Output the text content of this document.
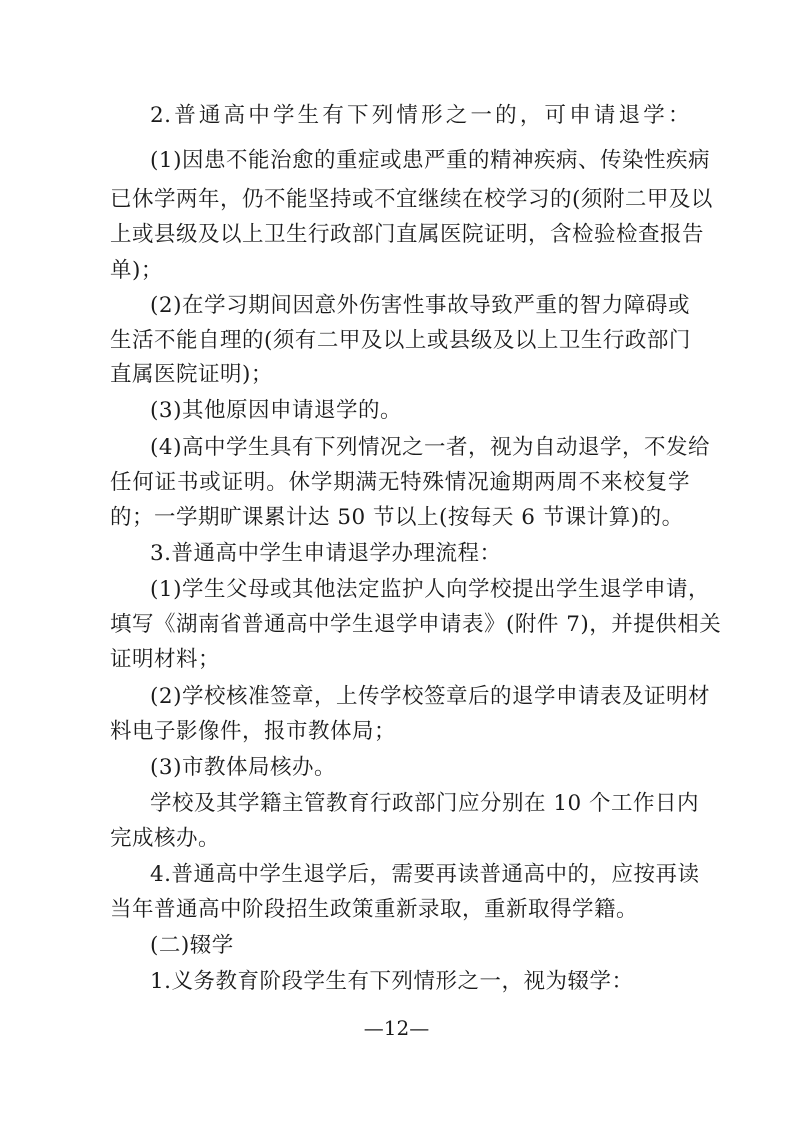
2.普通高中学生有下列情形之一的，可申请退学：
(1)因患不能治愈的重症或患严重的精神疾病、传染性疾病
已休学两年，仍不能坚持或不宜继续在校学习的(须附二甲及以
上或县级及以上卫生行政部门直属医院证明，含检验检查报告
单)；
(2)在学习期间因意外伤害性事故导致严重的智力障碍或
生活不能自理的(须有二甲及以上或县级及以上卫生行政部门
直属医院证明)；
(3)其他原因申请退学的。
(4)高中学生具有下列情况之一者，视为自动退学，不发给
任何证书或证明。休学期满无特殊情况逾期两周不来校复学
的；一学期旷课累计达 50 节以上(按每天 6 节课计算)的。
3.普通高中学生申请退学办理流程：
(1)学生父母或其他法定监护人向学校提出学生退学申请，
填写《湖南省普通高中学生退学申请表》(附件 7)，并提供相关
证明材料；
(2)学校核准签章，上传学校签章后的退学申请表及证明材
料电子影像件，报市教体局；
(3)市教体局核办。
学校及其学籍主管教育行政部门应分别在 10 个工作日内
完成核办。
4.普通高中学生退学后，需要再读普通高中的，应按再读
当年普通高中阶段招生政策重新录取，重新取得学籍。
(二)辍学
1.义务教育阶段学生有下列情形之一，视为辍学：
—12—
